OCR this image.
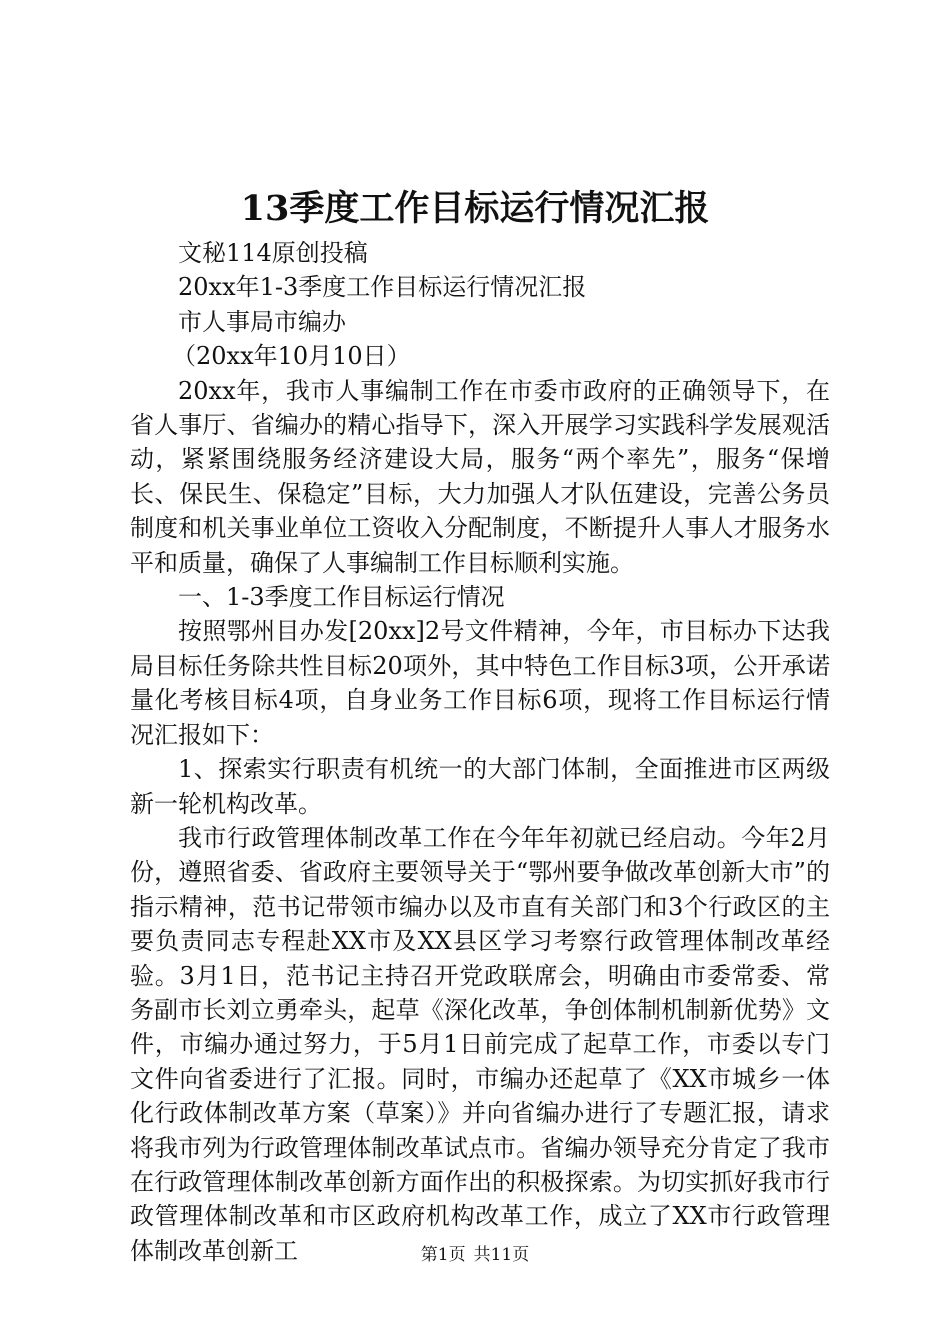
13季度工作目标运行情况汇报

文秘114原创投稿

20xx年1-3季度工作目标运行情况汇报

市人事局市编办

（20xx年10月10日）

20xx年，我市人事编制工作在市委市政府的正确领导下，在省人事厅、省编办的精心指导下，深入开展学习实践科学发展观活动，紧紧围绕服务经济建设大局，服务“两个率先”，服务“保增长、保民生、保稳定”目标，大力加强人才队伍建设，完善公务员制度和机关事业单位工资收入分配制度，不断提升人事人才服务水平和质量，确保了人事编制工作目标顺利实施。

一、1-3季度工作目标运行情况

按照鄂州目办发[20xx]2号文件精神，今年，市目标办下达我局目标任务除共性目标20项外，其中特色工作目标3项，公开承诺量化考核目标4项，自身业务工作目标6项，现将工作目标运行情况汇报如下：

1、探索实行职责有机统一的大部门体制，全面推进市区两级新一轮机构改革。

我市行政管理体制改革工作在今年年初就已经启动。今年2月份，遵照省委、省政府主要领导关于“鄂州要争做改革创新大市”的指示精神，范书记带领市编办以及市直有关部门和3个行政区的主要负责同志专程赴XX市及XX县区学习考察行政管理体制改革经验。3月1日，范书记主持召开党政联席会，明确由市委常委、常务副市长刘立勇牵头，起草《深化改革，争创体制机制新优势》文件，市编办通过努力，于5月1日前完成了起草工作，市委以专门文件向省委进行了汇报。同时，市编办还起草了《XX市城乡一体化行政体制改革方案（草案）》并向省编办进行了专题汇报，请求将我市列为行政管理体制改革试点市。省编办领导充分肯定了我市在行政管理体制改革创新方面作出的积极探索。为切实抓好我市行政管理体制改革和市区政府机构改革工作，成立了XX市行政管理体制改革创新工	第1页 共11页
